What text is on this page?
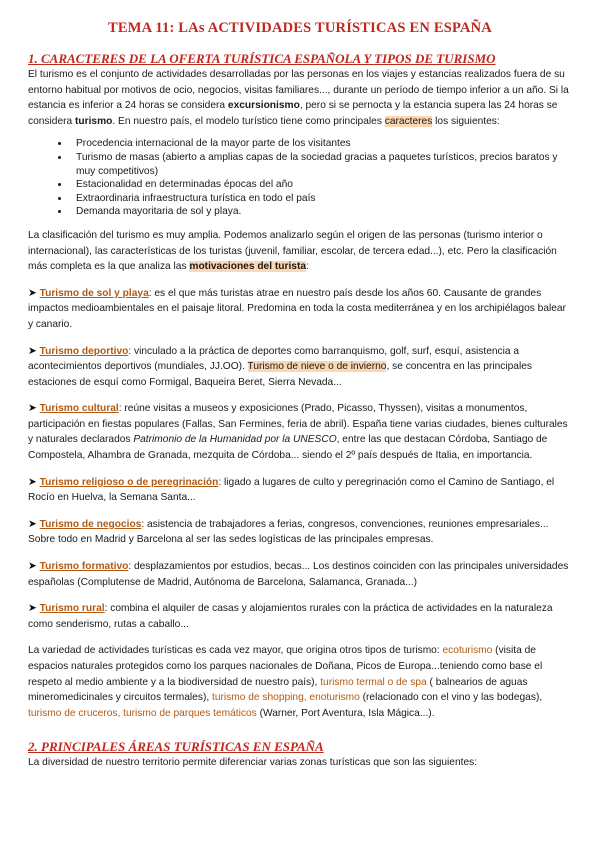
TEMA 11: LAs ACTIVIDADES TURÍSTICAS EN ESPAÑA
1. CARACTERES DE LA OFERTA TURÍSTICA ESPAÑOLA Y TIPOS DE TURISMO

El turismo es el conjunto de actividades desarrolladas por las personas en los viajes y estancias realizados fuera de su entorno habitual por motivos de ocio, negocios, visitas familiares..., durante un período de tiempo inferior a un año. Si la estancia es inferior a 24 horas se considera excursionismo, pero si se pernocta y la estancia supera las 24 horas se considera turismo. En nuestro país, el modelo turístico tiene como principales caracteres los siguientes:

• Procedencia internacional de la mayor parte de los visitantes
• Turismo de masas (abierto a amplias capas de la sociedad gracias a paquetes turísticos, precios baratos y muy competitivos)
• Estacionalidad en determinadas épocas del año
• Extraordinaria infraestructura turística en todo el país
• Demanda mayoritaria de sol y playa.

La clasificación del turismo es muy amplia. Podemos analizarlo según el origen de las personas (turismo interior o internacional), las características de los turistas (juvenil, familiar, escolar, de tercera edad...), etc. Pero la clasificación más completa es la que analiza las motivaciones del turista:

➤ Turismo de sol y playa: es el que más turistas atrae en nuestro país desde los años 60. Causante de grandes impactos medioambientales en el paisaje litoral. Predomina en toda la costa mediterránea y en los archipiélagos balear y canario.

➤ Turismo deportivo: vinculado a la práctica de deportes como barranquismo, golf, surf, esquí, asistencia a acontecimientos deportivos (mundiales, JJ.OO). Turismo de nieve o de invierno, se concentra en las principales estaciones de esquí como Formigal, Baqueira Beret, Sierra Nevada...

➤ Turismo cultural: reúne visitas a museos y exposiciones (Prado, Picasso, Thyssen), visitas a monumentos, participación en fiestas populares (Fallas, San Fermines, feria de abril). España tiene varias ciudades, bienes culturales y naturales declarados Patrimonio de la Humanidad por la UNESCO, entre las que destacan Córdoba, Santiago de Compostela, Alhambra de Granada, mezquita de Córdoba... siendo el 2º país después de Italia, en importancia.

➤ Turismo religioso o de peregrinación: ligado a lugares de culto y peregrinación como el Camino de Santiago, el Rocío en Huelva, la Semana Santa...

➤ Turismo de negocios: asistencia de trabajadores a ferias, congresos, convenciones, reuniones empresariales... Sobre todo en Madrid y Barcelona al ser las sedes logísticas de las principales empresas.

➤ Turismo formativo: desplazamientos por estudios, becas... Los destinos coinciden con las principales universidades españolas (Complutense de Madrid, Autónoma de Barcelona, Salamanca, Granada...)

➤ Turismo rural: combina el alquiler de casas y alojamientos rurales con la práctica de actividades en la naturaleza como senderismo, rutas a caballo...

La variedad de actividades turísticas es cada vez mayor, que origina otros tipos de turismo: ecoturismo (visita de espacios naturales protegidos como los parques nacionales de Doñana, Picos de Europa...teniendo como base el respeto al medio ambiente y a la biodiversidad de nuestro país), turismo termal o de spa ( balnearios de aguas mineromedicinales y circuitos termales), turismo de shopping, enoturismo (relacionado con el vino y las bodegas), turismo de cruceros, turismo de parques temáticos (Warner, Port Aventura, Isla Mágica...).

2. PRINCIPALES ÁREAS TURÍSTICAS EN ESPAÑA

La diversidad de nuestro territorio permite diferenciar varias zonas turísticas que son las siguientes:
